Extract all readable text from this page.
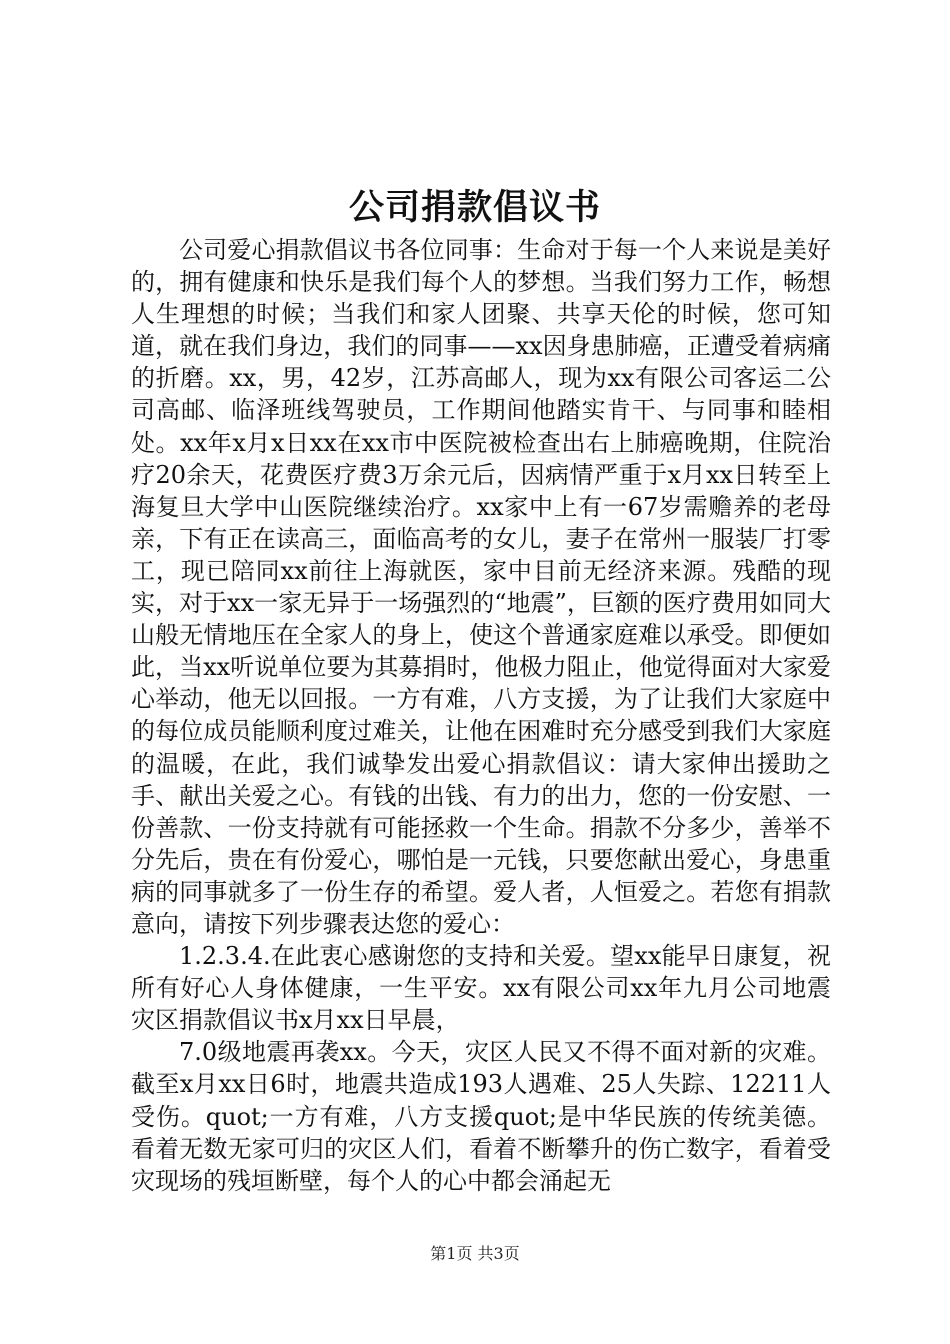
公司捐款倡议书

公司爱心捐款倡议书各位同事：生命对于每一个人来说是美好的，拥有健康和快乐是我们每个人的梦想。当我们努力工作，畅想人生理想的时候；当我们和家人团聚、共享天伦的时候，您可知道，就在我们身边，我们的同事——xx因身患肺癌，正遭受着病痛的折磨。xx，男，42岁，江苏高邮人，现为xx有限公司客运二公司高邮、临泽班线驾驶员，工作期间他踏实肯干、与同事和睦相处。xx年x月x日xx在xx市中医院被检查出右上肺癌晚期，住院治疗20余天，花费医疗费3万余元后，因病情严重于x月xx日转至上海复旦大学中山医院继续治疗。xx家中上有一67岁需赡养的老母亲，下有正在读高三，面临高考的女儿，妻子在常州一服装厂打零工，现已陪同xx前往上海就医，家中目前无经济来源。残酷的现实，对于xx一家无异于一场强烈的“地震”，巨额的医疗费用如同大山般无情地压在全家人的身上，使这个普通家庭难以承受。即便如此，当xx听说单位要为其募捐时，他极力阻止，他觉得面对大家爱心举动，他无以回报。一方有难，八方支援，为了让我们大家庭中的每位成员能顺利度过难关，让他在困难时充分感受到我们大家庭的温暖，在此，我们诚挚发出爱心捐款倡议：请大家伸出援助之手、献出关爱之心。有钱的出钱、有力的出力，您的一份安慰、一份善款、一份支持就有可能拯救一个生命。捐款不分多少，善举不分先后，贵在有份爱心，哪怕是一元钱，只要您献出爱心，身患重病的同事就多了一份生存的希望。爱人者，人恒爱之。若您有捐款意向，请按下列步骤表达您的爱心：

1.2.3.4.在此衷心感谢您的支持和关爱。望xx能早日康复，祝所有好心人身体健康，一生平安。xx有限公司xx年九月公司地震灾区捐款倡议书x月xx日早晨，

7.0级地震再袭xx。今天，灾区人民又不得不面对新的灾难。截至x月xx日6时，地震共造成193人遇难、25人失踪、12211人受伤。quot;一方有难，八方支援quot;是中华民族的传统美德。看着无数无家可归的灾区人们，看着不断攀升的伤亡数字，看着受灾现场的残垣断壁，每个人的心中都会涌起无

第1页 共3页
